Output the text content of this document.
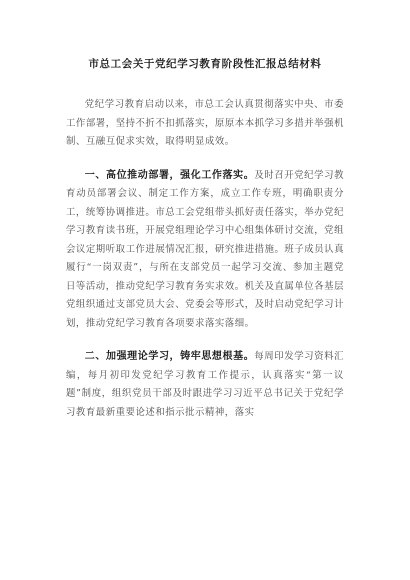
市总工会关于党纪学习教育阶段性汇报总结材料

党纪学习教育启动以来，市总工会认真贯彻落实中央、市委工作部署，坚持不折不扣抓落实，原原本本抓学习多措并举强机制、互融互促求实效，取得明显成效。

一、高位推动部署，强化工作落实。及时召开党纪学习教育动员部署会议、制定工作方案，成立工作专班，明确职责分工，统筹协调推进。市总工会党组带头抓好责任落实，举办党纪学习教育读书班，开展党组理论学习中心组集体研讨交流，党组会议定期听取工作进展情况汇报，研究推进措施。班子成员认真履行“一岗双责”，与所在支部党员一起学习交流、参加主题党日等活动，推动党纪学习教育务实求效。机关及直属单位各基层党组织通过支部党员大会、党委会等形式，及时启动党纪学习计划，推动党纪学习教育各项要求落实落细。

二、加强理论学习，铸牢思想根基。每周印发学习资料汇编，每月初印发党纪学习教育工作提示，认真落实“第一议题”制度，组织党员干部及时跟进学习习近平总书记关于党纪学习教育最新重要论述和指示批示精神，落实
